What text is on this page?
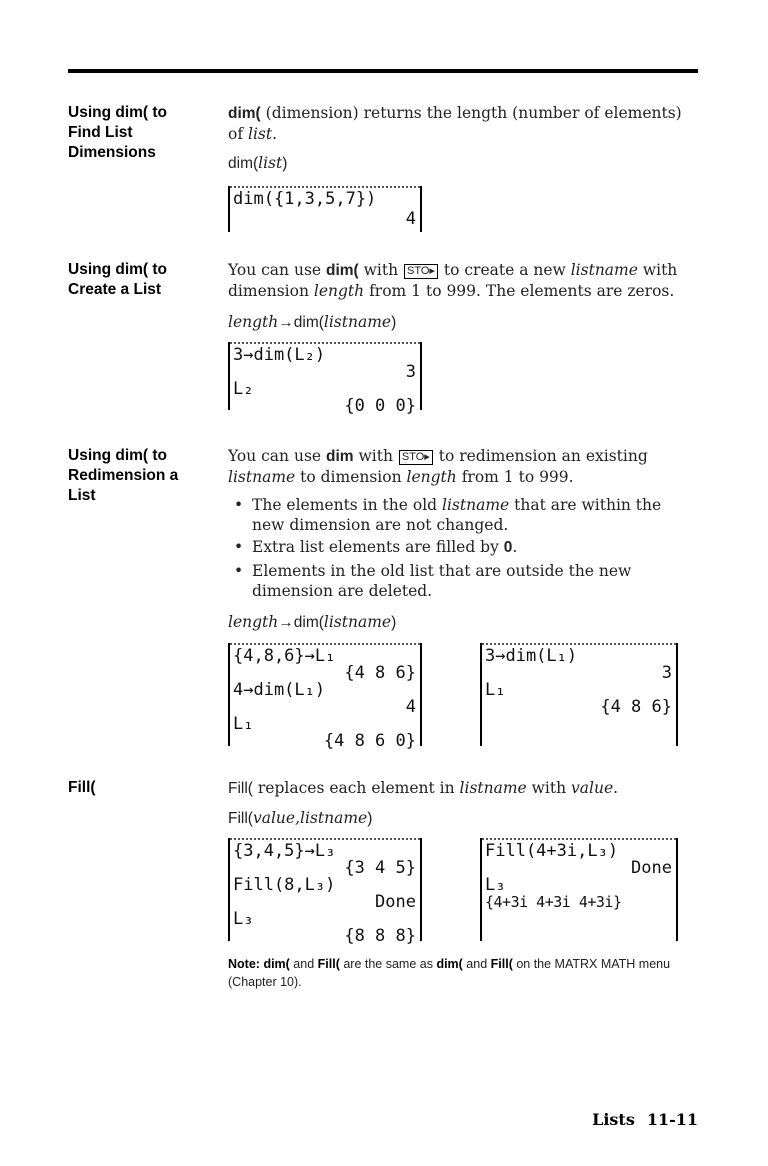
Using dim( to
Find List
Dimensions
dim( (dimension) returns the length (number of elements) of list.
dim(list)
dim({1,3,5,7})
4
Using dim( to
Create a List
You can use dim( with STO▸ to create a new listname with dimension length from 1 to 999. The elements are zeros.
length→dim(listname)
3→dim(L₂)
3
L₂
{0 0 0}
Using dim( to
Redimension a
List
You can use dim with STO▸ to redimension an existing listname to dimension length from 1 to 999.
• The elements in the old listname that are within the new dimension are not changed.
• Extra list elements are filled by 0.
• Elements in the old list that are outside the new dimension are deleted.
length→dim(listname)
{4,8,6}→L₁
{4 8 6}
4→dim(L₁)
4
L₁
{4 8 6 0}
3→dim(L₁)
3
L₁
{4 8 6}
Fill(	Fill( replaces each element in listname with value.
Fill(value,listname)
{3,4,5}→L₃
{3 4 5}
Fill(8,L₃)
Done
L₃
{8 8 8}
Fill(4+3i,L₃)
Done
L₃
{4+3i 4+3i 4+3i}
Note: dim( and Fill( are the same as dim( and Fill( on the MATRX MATH menu (Chapter 10).
Lists 11-11
